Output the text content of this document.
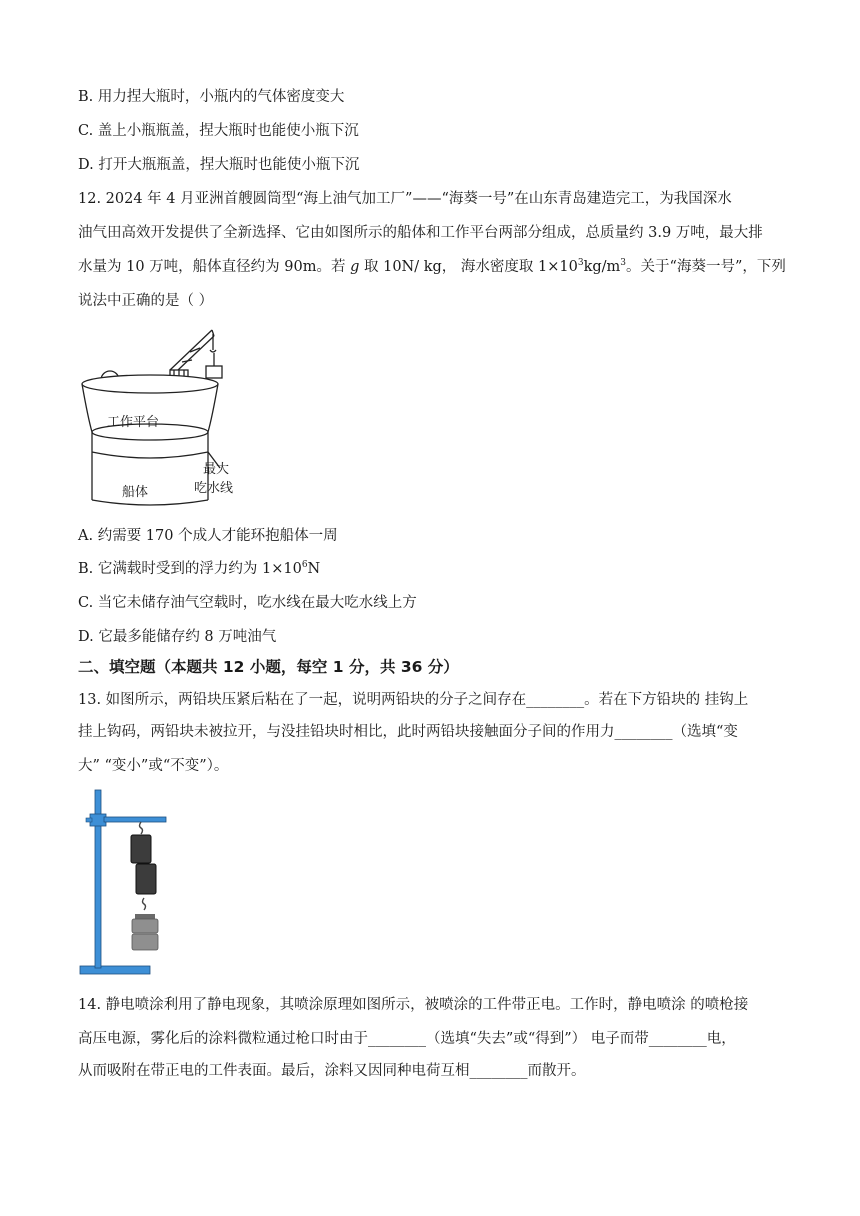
B. 用力捏大瓶时，小瓶内的气体密度变大
C. 盖上小瓶瓶盖，捏大瓶时也能使小瓶下沉
D. 打开大瓶瓶盖，捏大瓶时也能使小瓶下沉
12. 2024 年 4 月亚洲首艘圆筒型“海上油气加工厂”——“海葵一号”在山东青岛建造完工，为我国深水
油气田高效开发提供了全新选择、它由如图所示的船体和工作平台两部分组成，总质量约 3.9 万吨，最大排
水量为 10 万吨，船体直径约为 90m。若 g 取 10N/ kg， 海水密度取 $1\times 10^3kg/m^3$。关于“海葵一号”，下列
说法中正确的是（ ）
工作平台
船体
最大
吃水线
A. 约需要 170 个成人才能环抱船体一周
B. 它满载时受到的浮力约为 $1\times 10^6N$
C. 当它未储存油气空载时，吃水线在最大吃水线上方
D. 它最多能储存约 8 万吨油气
二、填空题（本题共 12 小题，每空 1 分，共 36 分）
13. 如图所示，两铅块压紧后粘在了一起，说明两铅块的分子之间存在________。若在下方铅块的 挂钩上
挂上钩码，两铅块未被拉开，与没挂铅块时相比，此时两铅块接触面分子间的作用力________（选填“变
大” “变小”或“不变”）。
14. 静电喷涂利用了静电现象，其喷涂原理如图所示，被喷涂的工件带正电。工作时，静电喷涂 的喷枪接
高压电源，雾化后的涂料微粒通过枪口时由于________（选填“失去”或“得到”） 电子而带________电，
从而吸附在带正电的工件表面。最后，涂料又因同种电荷互相________而散开。
